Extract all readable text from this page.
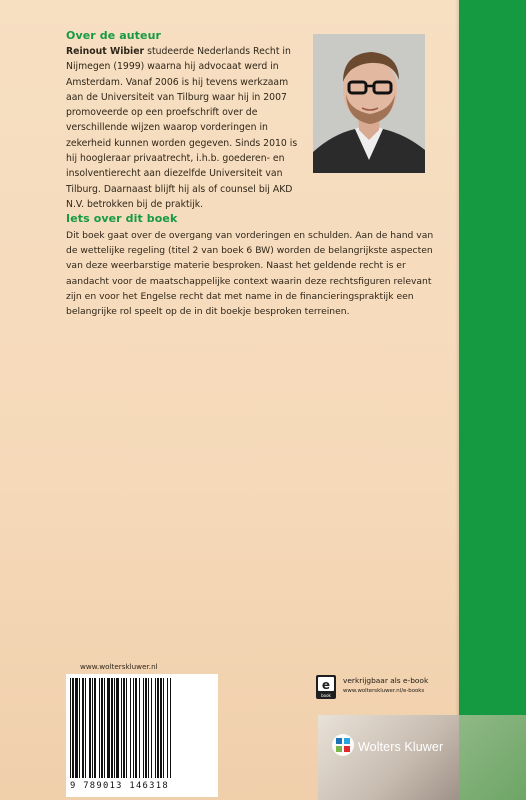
Over de auteur
Reinout Wibier studeerde Nederlands Recht in Nijmegen (1999) waarna hij advocaat werd in Amsterdam. Vanaf 2006 is hij tevens werkzaam aan de Universiteit van Tilburg waar hij in 2007 promoveerde op een proefschrift over de verschillende wijzen waarop vorderingen in zekerheid kunnen worden gegeven. Sinds 2010 is hij hoogleraar privaatrecht, i.h.b. goederen- en insolventierecht aan diezelfde Universiteit van Tilburg. Daarnaast blijft hij als of counsel bij AKD N.V. betrokken bij de praktijk.
Iets over dit boek
Dit boek gaat over de overgang van vorderingen en schulden. Aan de hand van de wettelijke regeling (titel 2 van boek 6 BW) worden de belangrijkste aspecten van deze weerbarstige materie besproken. Naast het geldende recht is er aandacht voor de maatschappelijke context waarin deze rechtsfiguren relevant zijn en voor het Engelse recht dat met name in de financieringspraktijk een belangrijke rol speelt op de in dit boekje besproken terreinen.
www.wolterskluwer.nl
9 789013 146318
e
book
verkrijgbaar als e-book
www.wolterskluwer.nl/e-books
Wolters Kluwer
